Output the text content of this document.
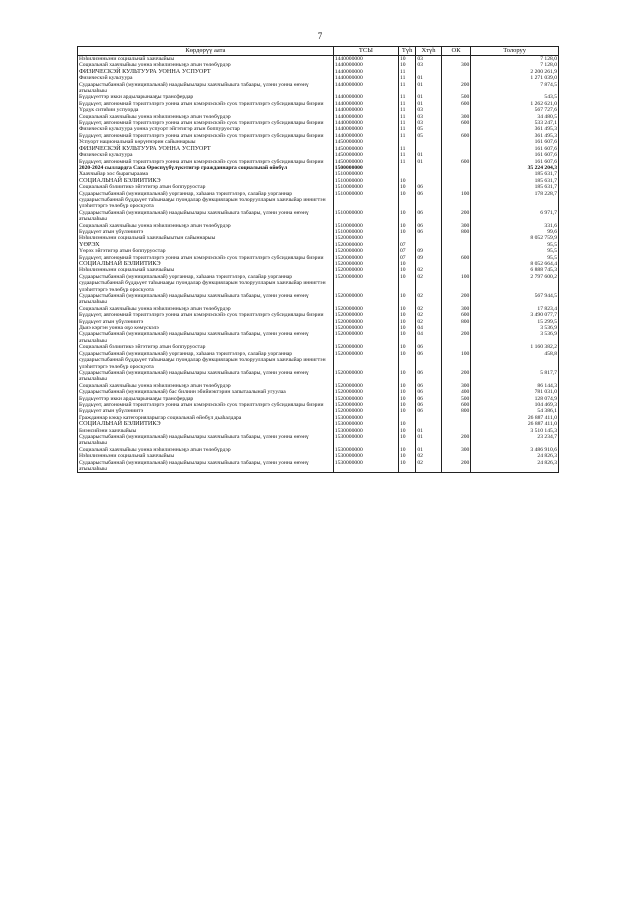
7
Көрдөрүү аата	ТСЫ	Түһ	Хтүһ	ОК	Толоруу
Нэһилиэнньэни социальнай хааччыйыы	1440000000	10	03		7 128,0
Социальнай хааччыйыы уонна нэһилиэнньэҕэ атын төлөбүрдэр	1440000000	10	03	300	7 128,0
ФИЗИЧЕСКЭЙ КУЛЬТУУРА УОННА УСПУОРТ	1440000000	11			2 200 261,9
Физическэй культуура	1440000000	11	01		1 271 039,0
Судаарыстыбаннай (муниципальнай) наадыйыылары хааччыйыыга табаары, үлэни уонна өҥөнү атыылаһыы	1440000000	11	01	200	7 874,5
Бүддьүөттэр икки ардыларынааҕы трансфердар	1440000000	11	01	500	543,5
Бүддьүөт, автономнай тэрилтэлэргэ уонна атын кэмэрчэскэйэ суох тэрилтэлэргэ субсидиялары биэрии	1440000000	11	01	600	1 262 621,0
Үрдүк ситиһии успуорда	1440000000	11	03		567 727,6
Социальнай хааччыйыы уонна нэһилиэнньэҕэ атын төлөбүрдэр	1440000000	11	03	300	34 480,5
Бүддьүөт, автономнай тэрилтэлэргэ уонна атын кэмэрчэскэйэ суох тэрилтэлэргэ субсидиялары биэрии	1440000000	11	03	600	533 247,1
Физическэй культуура уонна успуорт эйгэтигэр атын боппуруостар	1440000000	11	05		361 495,3
Бүддьүөт, автономнай тэрилтэлэргэ уонна атын кэмэрчэскэйэ суох тэрилтэлэргэ субсидиялары биэрии	1440000000	11	05	600	361 495,3
Успуорт национальнай көрүҥнэрин сайыннарыы	1450000000				161 607,6
ФИЗИЧЕСКЭЙ КУЛЬТУУРА УОННА УСПУОРТ	1450000000	11			161 607,6
Физическэй культуура	1450000000	11	01		161 607,6
Бүддьүөт, автономнай тэрилтэлэргэ уонна атын кэмэрчэскэйэ суох тэрилтэлэргэ субсидиялары биэрии	1450000000	11	01	600	161 607,6
2020-2024 сыллардга Саха Өрөспүүбүлүкэтигэр гражданнарга социальнай өйөбүл	1500000000				35 224 204,3
Хааччыйар хос бырагыраама	1510000000				185 631,7
СОЦИАЛЬНАЙ БЭЛИИТИКЭ	1510000000	10			185 631,7
Социальнай бэлиитикэ эйгэтигэр атын боппуруостар	1510000000	10	06		185 631,7
Судаарыстыбаннай (муниципальнай) уорганнар, хаһаана тэрилтэлэрэ, салайар уорганнар судаарыстыбаннай бүддьүөт таһынааҕы пуондалар функцияларын толоруулларын хааччыйар иннигтэн үлэһиттэргэ төлөбүр ороскуота	1510000000	10	06	100	178 228,7
Судаарыстыбаннай (муниципальнай) наадыйыылары хааччыйыыга табаары, үлэни уонна өҥөнү атыылаһыы	1510000000	10	06	200	6 971,7
Социальнай хааччыйыы уонна нэһилиэнньэҕэ атын төлөбүрдэр	1510000000	10	06	300	331,6
Бүддьүөт атын үбүлэниитэ	1510000000	10	06	800	99,6
Нэһилиэнньэни социальнай хааччыйыытын сайыннарыы	1520000000				8 052 759,9
ҮӨРЭХ	1520000000	07			95,5
Үөрэх эйгэтигэр атын боппуруостар	1520000000	07	09		95,5
Бүддьүөт, автономнай тэрилтэлэргэ уонна атын кэмэрчэскэйэ суох тэрилтэлэргэ субсидиялары биэрии	1520000000	07	09	600	95,5
СОЦИАЛЬНАЙ БЭЛИИТИКЭ	1520000000	10			8 052 664,4
Нэһилиэнньэни социальнай хааччыйыы	1520000000	10	02		6 888 745,3
Судаарыстыбаннай (муниципальнай) уорганнар, хаһаана тэрилтэлэрэ, салайар уорганнар судаарыстыбаннай бүддьүөт таһынааҕы пуондалар функцияларын толоруулларын хааччыйар иннигтэн үлэһиттэргэ төлөбүр ороскуота	1520000000	10	02	100	2 797 600,2
Судаарыстыбаннай (муниципальнай) наадыйыылары хааччыйыыга табаары, үлэни уонна өҥөнү атыылаһыы	1520000000	10	02	200	567 944,5
Социальнай хааччыйыы уонна нэһилиэнньэҕэ атын төлөбүрдэр	1520000000	10	02	300	17 823,4
Бүддьүөт, автономнай тэрилтэлэргэ уонна атын кэмэрчэскэйэ суох тэрилтэлэргэ субсидиялары биэрии	1520000000	10	02	600	3 490 077,7
Бүддьүөт атын үбүлэниитэ	1520000000	10	02	800	15 299,5
Дьиэ кэргэн уонна оҕо көмүскэлэ	1520000000	10	04		3 536,9
Судаарыстыбаннай (муниципальнай) наадыйыылары хааччыйыыга табаары, үлэни уонна өҥөнү атыылаһыы	1520000000	10	04	200	3 536,9
Социальнай бэлиитикэ эйгэтигэр атын боппуруостар	1520000000	10	06		1 160 382,2
Судаарыстыбаннай (муниципальнай) уорганнар, хаһаана тэрилтэлэрэ, салайар уорганнар судаарыстыбаннай бүддьүөт таһынааҕы пуондалар функцияларын толоруулларын хааччыйар иннигтэн үлэһиттэргэ төлөбүр ороскуота	1520000000	10	06	100	458,8
Судаарыстыбаннай (муниципальнай) наадыйыылары хааччыйыыга табаары, үлэни уонна өҥөнү атыылаһыы	1520000000	10	06	200	5 817,7
Социальнай хааччыйыы уонна нэһилиэнньэҕэ атын төлөбүрдэр	1520000000	10	06	300	86 144,3
Судаарыстыбаннай (муниципальнай) бас билиин эбийиэктэрин хапытаалынай угуулаа	1520000000	10	06	400	781 031,0
Бүддьүөттэр икки ардыларынааҕы трансфердар	1520000000	10	06	500	128 074,9
Бүддьүөт, автономнай тэрилтэлэргэ уонна атын кэмэрчэскэйэ суох тэрилтэлэргэ субсидиялары биэрии	1520000000	10	06	600	104 469,3
Бүддьүөт атын үбүлэниитэ	1520000000	10	06	800	54 386,1
Гражданнар кэккэ категорияларыгар социальнай өйөбүл дьаһалдара	1530000000				26 887 411,0
СОЦИАЛЬНАЙ БЭЛИИТИКЭ	1530000000	10			26 887 411,0
Биэнсийэни хааччыйыы	1530000000	10	01		3 510 145,3
Судаарыстыбаннай (муниципальнай) наадыйыылары хааччыйыыга табаары, үлэни уонна өҥөнү атыылаһыы	1530000000	10	01	200	23 234,7
Социальнай хааччыйыы уонна нэһилиэнньэҕэ атын төлөбүрдэр	1530000000	10	01	300	3 486 910,6
Нэһилиэнньэни социальнай хааччыйыы	1530000000	10	02		24 826,3
Судаарыстыбаннай (муниципальнай) наадыйыылары хааччыйыыга табаары, үлэни уонна өҥөнү атыылаһыы	1530000000	10	02	200	24 826,3
